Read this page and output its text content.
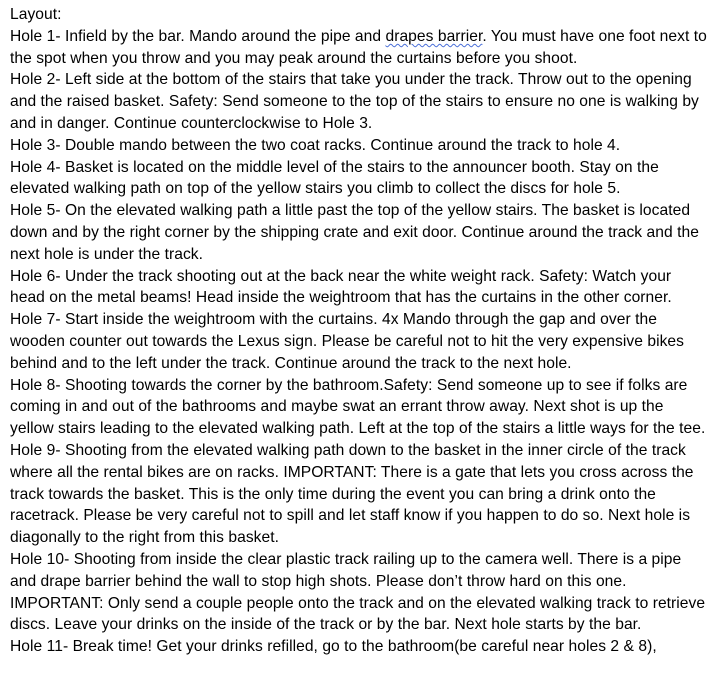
Layout:

Hole 1- Infield by the bar. Mando around the pipe and drapes barrier. You must have one foot next to the spot when you throw and you may peak around the curtains before you shoot.

Hole 2- Left side at the bottom of the stairs that take you under the track. Throw out to the opening and the raised basket. Safety: Send someone to the top of the stairs to ensure no one is walking by and in danger. Continue counterclockwise to Hole 3.

Hole 3- Double mando between the two coat racks. Continue around the track to hole 4.

Hole 4- Basket is located on the middle level of the stairs to the announcer booth. Stay on the elevated walking path on top of the yellow stairs you climb to collect the discs for hole 5.

Hole 5- On the elevated walking path a little past the top of the yellow stairs. The basket is located down and by the right corner by the shipping crate and exit door. Continue around the track and the next hole is under the track.

Hole 6- Under the track shooting out at the back near the white weight rack. Safety: Watch your head on the metal beams! Head inside the weightroom that has the curtains in the other corner.

Hole 7- Start inside the weightroom with the curtains. 4x Mando through the gap and over the wooden counter out towards the Lexus sign. Please be careful not to hit the very expensive bikes behind and to the left under the track. Continue around the track to the next hole.

Hole 8- Shooting towards the corner by the bathroom.Safety: Send someone up to see if folks are coming in and out of the bathrooms and maybe swat an errant throw away. Next shot is up the yellow stairs leading to the elevated walking path. Left at the top of the stairs a little ways for the tee.

Hole 9- Shooting from the elevated walking path down to the basket in the inner circle of the track where all the rental bikes are on racks. IMPORTANT: There is a gate that lets you cross across the track towards the basket. This is the only time during the event you can bring a drink onto the racetrack. Please be very careful not to spill and let staff know if you happen to do so. Next hole is diagonally to the right from this basket.

Hole 10- Shooting from inside the clear plastic track railing up to the camera well. There is a pipe and drape barrier behind the wall to stop high shots. Please don’t throw hard on this one. IMPORTANT: Only send a couple people onto the track and on the elevated walking track to retrieve discs. Leave your drinks on the inside of the track or by the bar. Next hole starts by the bar.

Hole 11- Break time! Get your drinks refilled, go to the bathroom(be careful near holes 2 & 8),
